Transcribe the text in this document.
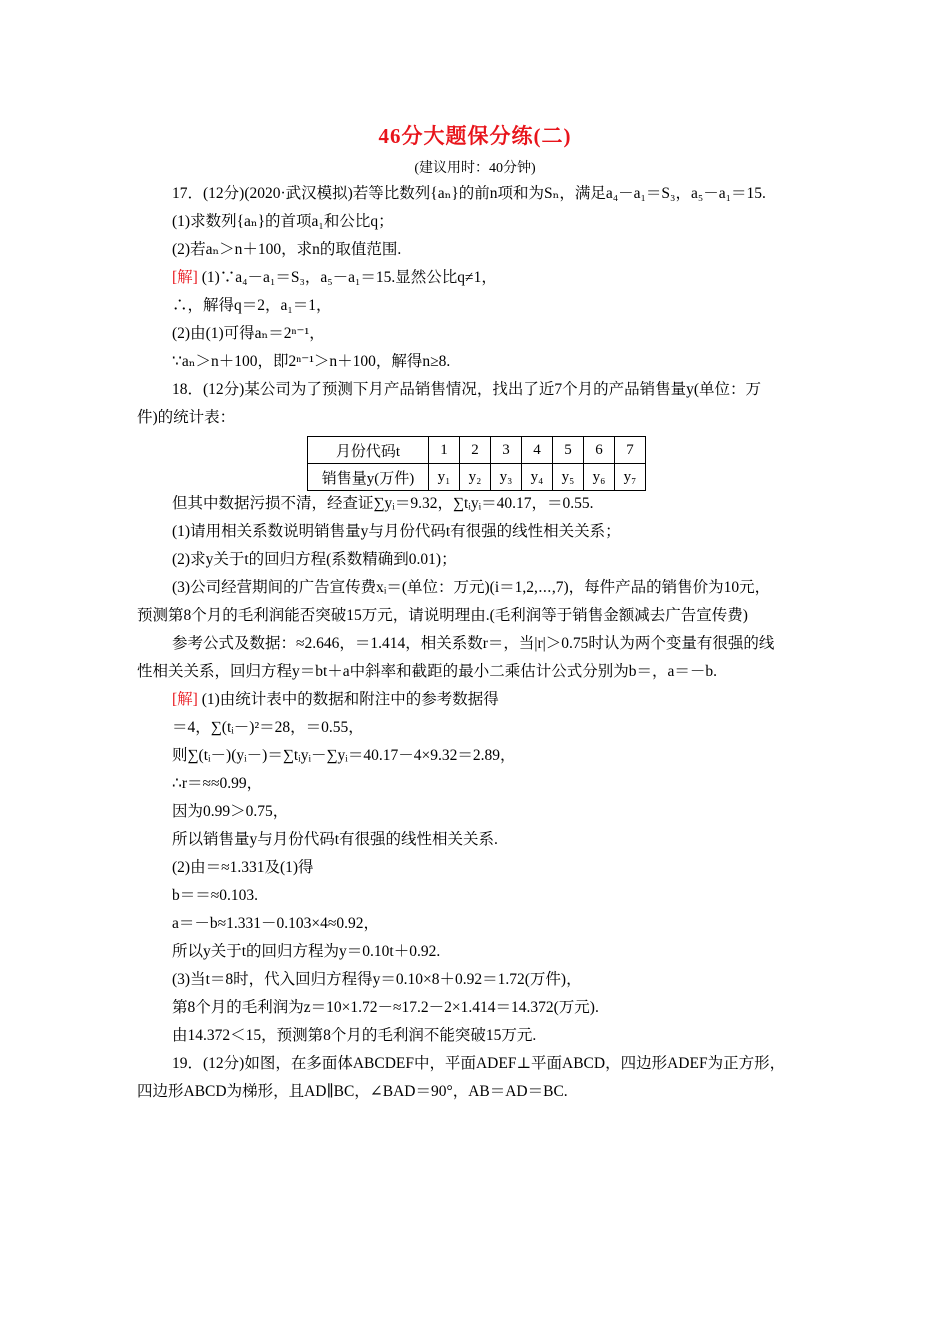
46分大题保分练(二)
(建议用时：40分钟)
17．(12分)(2020·武汉模拟)若等比数列{aₙ}的前n项和为Sₙ，满足a₄－a₁＝S₃，a₅－a₁＝15.
(1)求数列{aₙ}的首项a₁和公比q；
(2)若aₙ＞n＋100，求n的取值范围.
[解] (1)∵a₄－a₁＝S₃，a₅－a₁＝15.显然公比q≠1，
∴，解得q＝2，a₁＝1，
(2)由(1)可得aₙ＝2ⁿ⁻¹，
∵aₙ＞n＋100，即2ⁿ⁻¹＞n＋100，解得n≥8.
18．(12分)某公司为了预测下月产品销售情况，找出了近7个月的产品销售量y(单位：万
件)的统计表：
月份代码t	1	2	3	4	5	6	7
销售量y(万件)	y₁	y₂	y₃	y₄	y₅	y₆	y₇
但其中数据污损不清，经查证∑yᵢ＝9.32，∑tᵢyᵢ＝40.17，＝0.55.
(1)请用相关系数说明销售量y与月份代码t有很强的线性相关关系；
(2)求y关于t的回归方程(系数精确到0.01)；
(3)公司经营期间的广告宣传费xᵢ＝(单位：万元)(i＝1,2,⋯,7)，每件产品的销售价为10元，
预测第8个月的毛利润能否突破15万元，请说明理由.(毛利润等于销售金额减去广告宣传费)
参考公式及数据：≈2.646，＝1.414，相关系数r＝，当|r|＞0.75时认为两个变量有很强的线
性相关关系，回归方程y＝bt＋a中斜率和截距的最小二乘估计公式分别为b＝，a＝－b.
[解] (1)由统计表中的数据和附注中的参考数据得
＝4，∑(tᵢ－)²＝28，＝0.55，
则∑(tᵢ－)(yᵢ－)＝∑tᵢyᵢ－∑yᵢ＝40.17－4×9.32＝2.89，
∴r＝≈≈0.99，
因为0.99＞0.75，
所以销售量y与月份代码t有很强的线性相关关系.
(2)由＝≈1.331及(1)得
b＝＝≈0.103.
a＝－b≈1.331－0.103×4≈0.92，
所以y关于t的回归方程为y＝0.10t＋0.92.
(3)当t＝8时，代入回归方程得y＝0.10×8＋0.92＝1.72(万件)，
第8个月的毛利润为z＝10×1.72－≈17.2－2×1.414＝14.372(万元).
由14.372＜15，预测第8个月的毛利润不能突破15万元.
19．(12分)如图，在多面体ABCDEF中，平面ADEF⊥平面ABCD，四边形ADEF为正方形，
四边形ABCD为梯形，且AD∥BC，∠BAD＝90°，AB＝AD＝BC.
